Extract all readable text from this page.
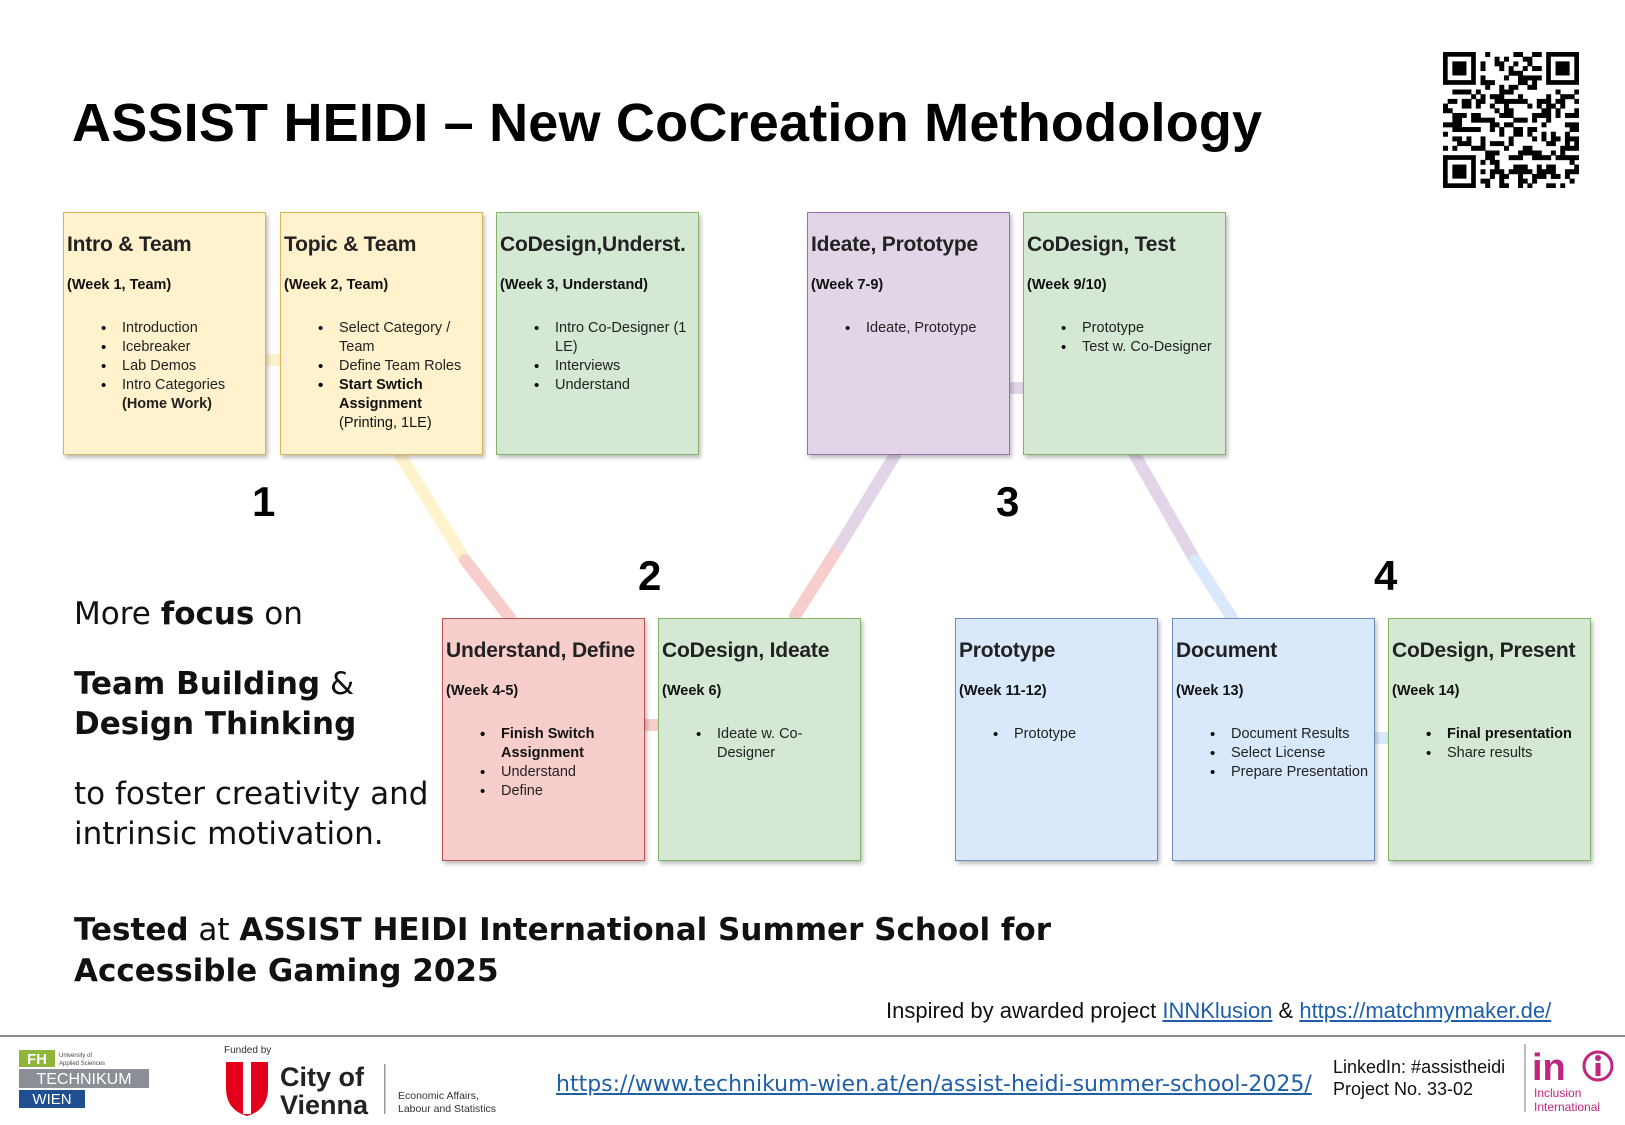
ASSIST HEIDI – New CoCreation Methodology
Intro & Team
(Week 1, Team)
• Introduction
• Icebreaker
• Lab Demos
• Intro Categories
(Home Work)
Topic & Team
(Week 2, Team)
• Select Category / Team
• Define Team Roles
• Start Swtich Assignment
(Printing, 1LE)
CoDesign,Underst.
(Week 3, Understand)
• Intro Co-Designer (1 LE)
• Interviews
• Understand
Understand, Define
(Week 4-5)
• Finish Switch Assignment
• Understand
• Define
CoDesign, Ideate
(Week 6)
• Ideate w. Co-Designer
Ideate, Prototype
(Week 7-9)
• Ideate, Prototype
CoDesign, Test
(Week 9/10)
• Prototype
• Test w. Co-Designer
Prototype
(Week 11-12)
• Prototype
Document
(Week 13)
• Document Results
• Select License
• Prepare Presentation
CoDesign, Present
(Week 14)
• Final presentation
• Share results
1
2
3
4
More focus on
Team Building &
Design Thinking
to foster creativity and
intrinsic motivation.
Tested at ASSIST HEIDI International Summer School for
Accessible Gaming 2025
Inspired by awarded project INNKlusion & https://matchmymaker.de/
FH University of
Applied Sciences
TECHNIKUM
WIEN
Funded by
City of
Vienna	Economic Affairs,
Labour and Statistics
https://www.technikum-wien.at/en/assist-heidi-summer-school-2025/
LinkedIn: #assistheidi
Project No. 33-02	in
Inclusion
International
